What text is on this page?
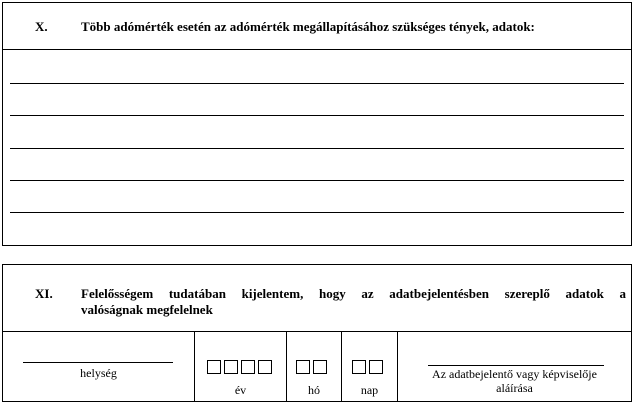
X.	Több adómérték esetén az adómérték megállapításához szükséges tények, adatok:
XI. Felelősségem tudatában kijelentem, hogy az adatbejelentésben szereplő adatok a
valóságnak megfelelnek
helység
év	hó	nap
Az adatbejelentő vagy képviselője
aláírása
